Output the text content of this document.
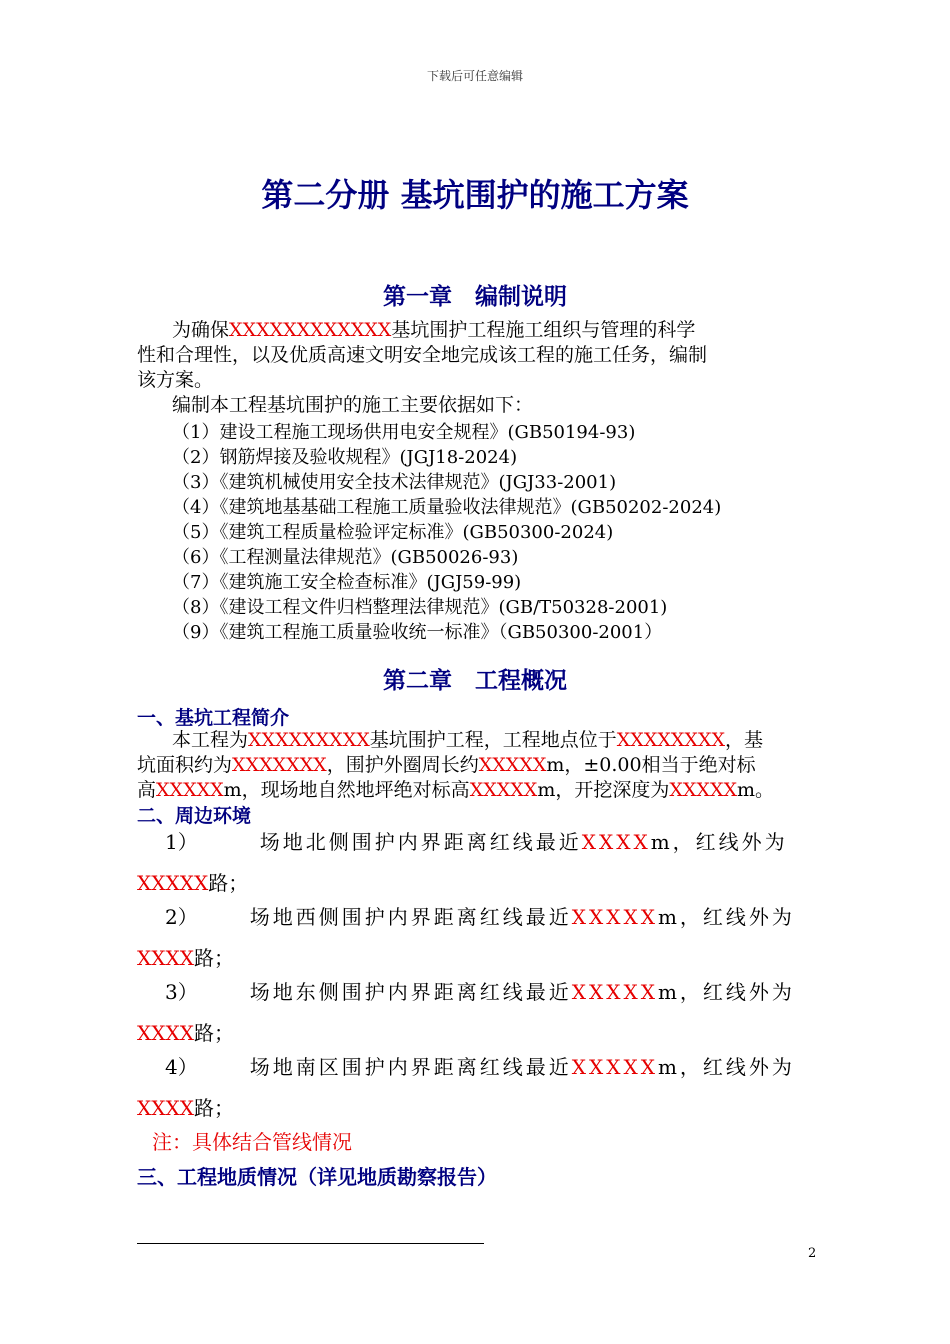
下载后可任意编辑
第二分册 基坑围护的施工方案
第一章　编制说明
为确保XXXXXXXXXXXX基坑围护工程施工组织与管理的科学
性和合理性，以及优质高速文明安全地完成该工程的施工任务，编制
该方案。
编制本工程基坑围护的施工主要依据如下：
（1）建设工程施工现场供用电安全规程》(GB50194-93)
（2）钢筋焊接及验收规程》(JGJ18-2024)
（3）《建筑机械使用安全技术法律规范》(JGJ33-2001)
（4）《建筑地基基础工程施工质量验收法律规范》(GB50202-2024)
（5）《建筑工程质量检验评定标准》(GB50300-2024)
（6）《工程测量法律规范》(GB50026-93)
（7）《建筑施工安全检查标准》(JGJ59-99)
（8）《建设工程文件归档整理法律规范》(GB/T50328-2001)
（9）《建筑工程施工质量验收统一标准》（GB50300-2001）
第二章　工程概况
一、基坑工程简介
本工程为XXXXXXXXX基坑围护工程，工程地点位于XXXXXXXX，基
坑面积约为XXXXXXX，围护外圈周长约XXXXXm，±0.00相当于绝对标
高XXXXXm，现场地自然地坪绝对标高XXXXXm，开挖深度为XXXXXm。
二、周边环境
1）	场地北侧围护内界距离红线最近XXXXm，红线外为
XXXXX路；
2）	场地西侧围护内界距离红线最近XXXXXm，红线外为
XXXX路；
3）	场地东侧围护内界距离红线最近XXXXXm，红线外为
XXXX路；
4）	场地南区围护内界距离红线最近XXXXXm，红线外为
XXXX路；
注：具体结合管线情况
三、工程地质情况（详见地质勘察报告）
2
